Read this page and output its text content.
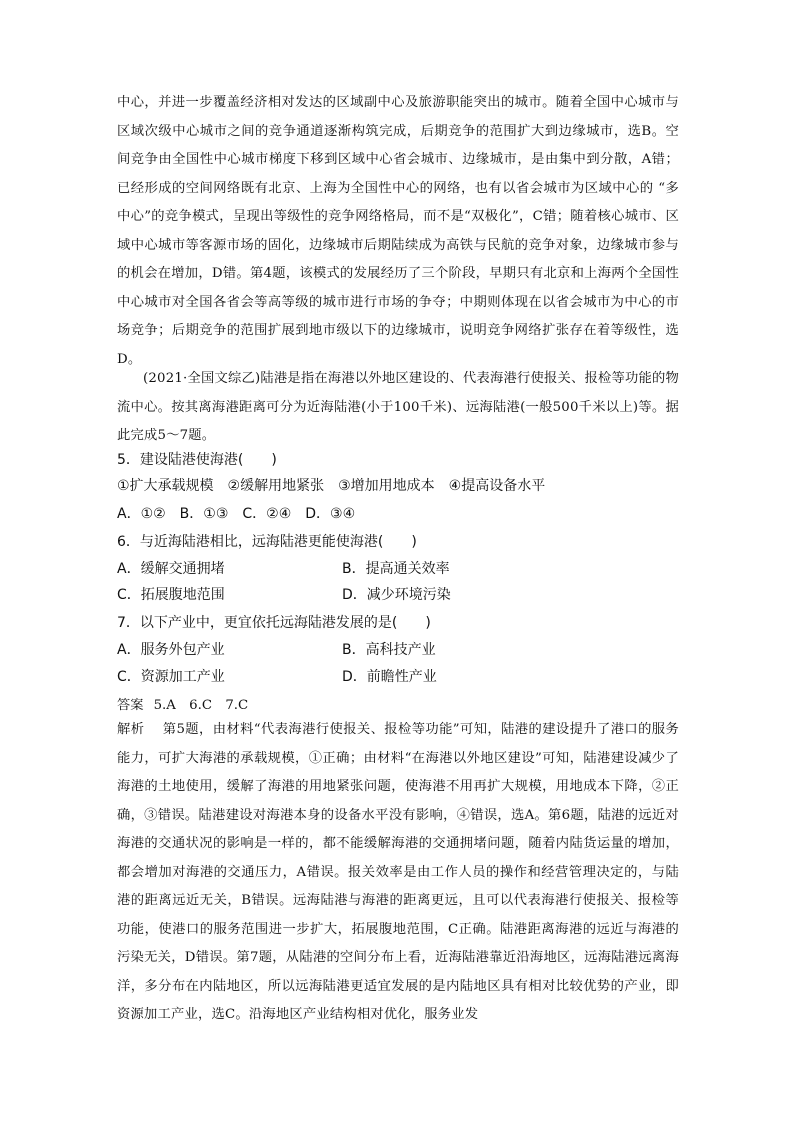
中心，并进一步覆盖经济相对发达的区域副中心及旅游职能突出的城市。随着全国中心城市与区域次级中心城市之间的竞争通道逐渐构筑完成，后期竞争的范围扩大到边缘城市，选B。空间竞争由全国性中心城市梯度下移到区域中心省会城市、边缘城市，是由集中到分散，A错；已经形成的空间网络既有北京、上海为全国性中心的网络，也有以省会城市为区域中心的 “多中心”的竞争模式，呈现出等级性的竞争网络格局，而不是“双极化”，C错；随着核心城市、区域中心城市等客源市场的固化，边缘城市后期陆续成为高铁与民航的竞争对象，边缘城市参与的机会在增加，D错。第4题，该模式的发展经历了三个阶段，早期只有北京和上海两个全国性中心城市对全国各省会等高等级的城市进行市场的争夺；中期则体现在以省会城市为中心的市场竞争；后期竞争的范围扩展到地市级以下的边缘城市，说明竞争网络扩张存在着等级性，选D。

(2021·全国文综乙)陆港是指在海港以外地区建设的、代表海港行使报关、报检等功能的物流中心。按其离海港距离可分为近海陆港(小于100千米)、远海陆港(一般500千米以上)等。据此完成5～7题。

5．建设陆港使海港(　　)

①扩大承载规模　②缓解用地紧张　③增加用地成本　④提高设备水平

A．①②　B．①③　C．②④　D．③④

6．与近海陆港相比，远海陆港更能使海港(　　)

A．缓解交通拥堵	B．提高通关效率
C．拓展腹地范围	D．减少环境污染

7．以下产业中，更宜依托远海陆港发展的是(　　)

A．服务外包产业	B．高科技产业
C．资源加工产业	D．前瞻性产业
答案 5.A　6.C　7.C

解析　 第5题，由材料“代表海港行使报关、报检等功能”可知，陆港的建设提升了港口的服务能力，可扩大海港的承载规模，①正确；由材料“在海港以外地区建设”可知，陆港建设减少了海港的土地使用，缓解了海港的用地紧张问题，使海港不用再扩大规模，用地成本下降，②正确，③错误。陆港建设对海港本身的设备水平没有影响，④错误，选A。第6题，陆港的远近对海港的交通状况的影响是一样的，都不能缓解海港的交通拥堵问题，随着内陆货运量的增加，都会增加对海港的交通压力，A错误。报关效率是由工作人员的操作和经营管理决定的，与陆港的距离远近无关，B错误。远海陆港与海港的距离更远，且可以代表海港行使报关、报检等功能，使港口的服务范围进一步扩大，拓展腹地范围，C正确。陆港距离海港的远近与海港的污染无关，D错误。第7题，从陆港的空间分布上看，近海陆港靠近沿海地区，远海陆港远离海洋，多分布在内陆地区，所以远海陆港更适宜发展的是内陆地区具有相对比较优势的产业，即资源加工产业，选C。沿海地区产业结构相对优化，服务业发
